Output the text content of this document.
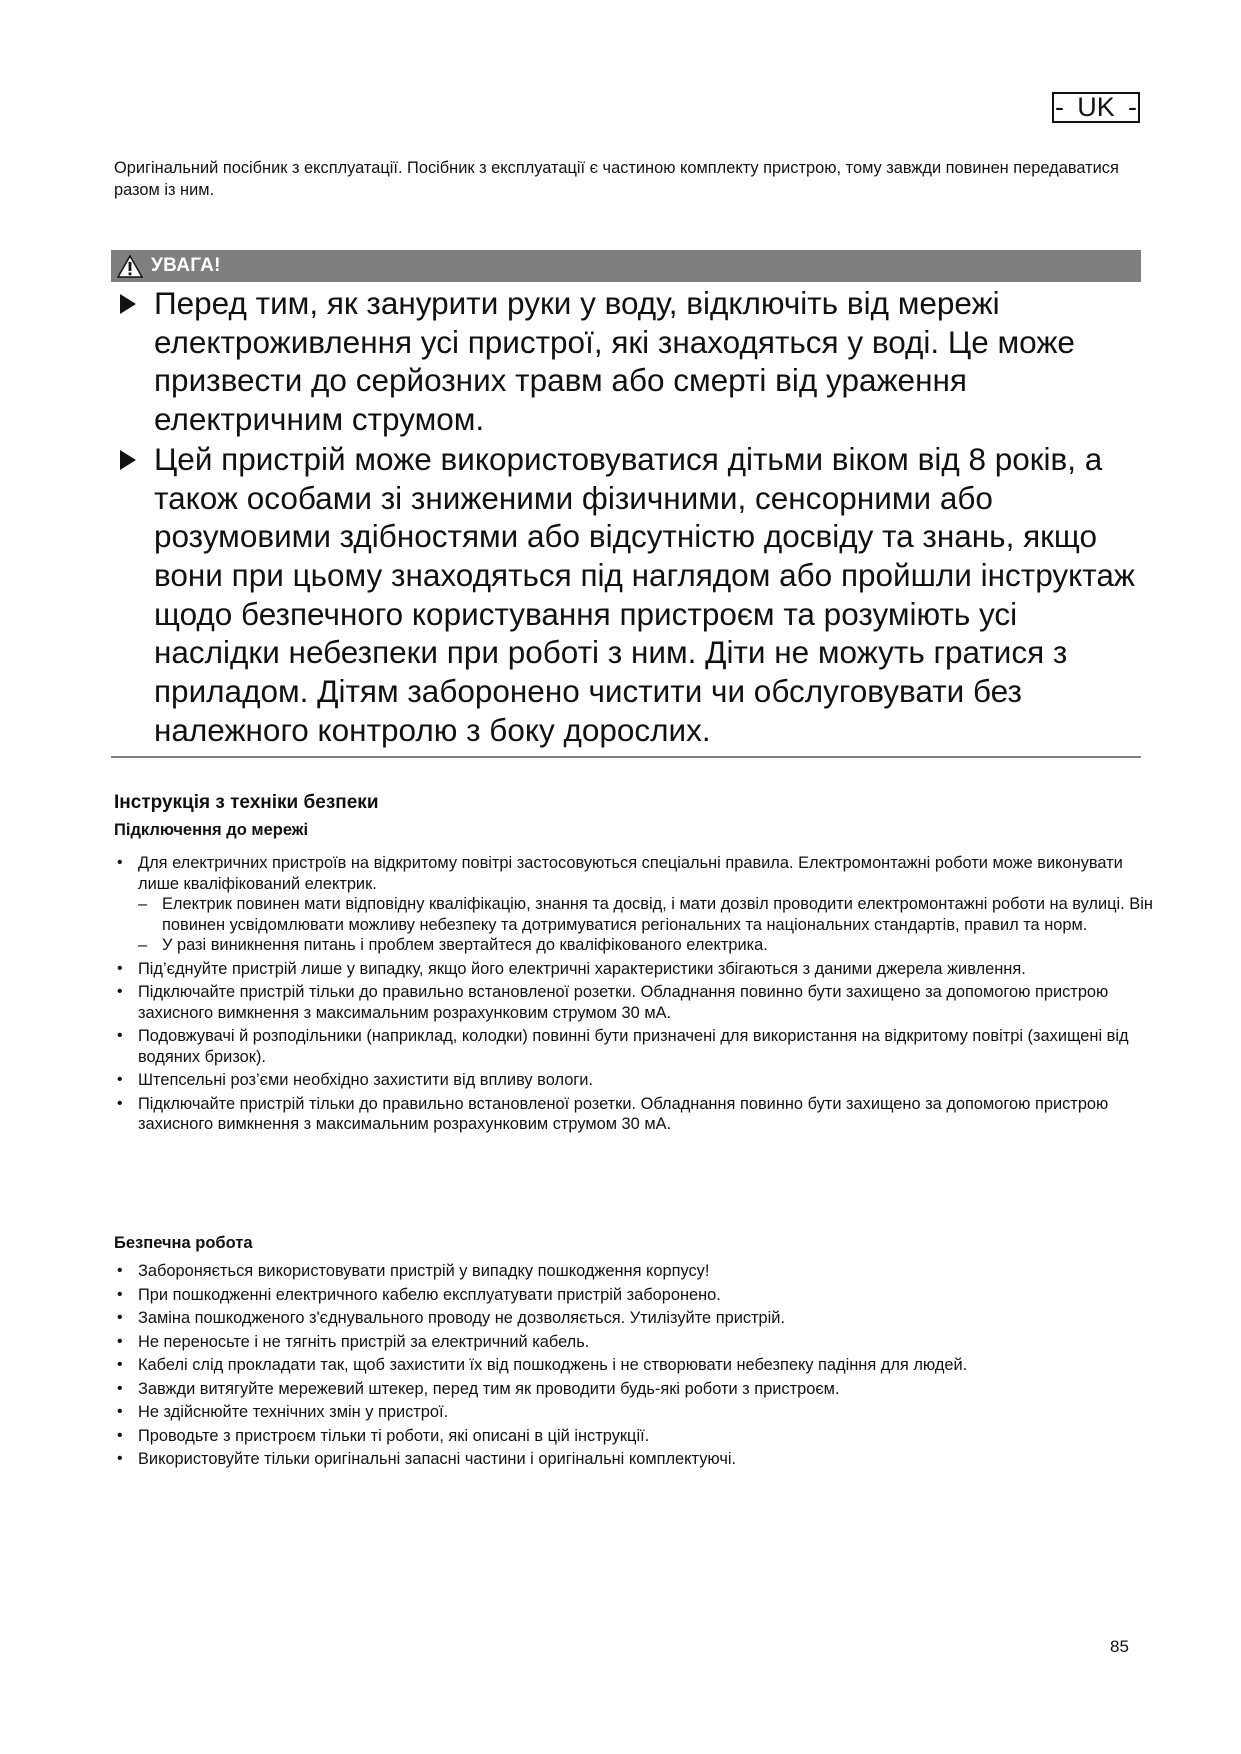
- UK -
Оригінальний посібник з експлуатації. Посібник з експлуатації є частиною комплекту пристрою, тому завжди повинен передаватися разом із ним.
УВАГА!
Перед тим, як занурити руки у воду, відключіть від мережі електроживлення усі пристрої, які знаходяться у воді. Це може призвести до серйозних травм або смерті від ураження електричним струмом.
Цей пристрій може використовуватися дітьми віком від 8 років, а також особами зі зниженими фізичними, сенсорними або розумовими здібностями або відсутністю досвіду та знань, якщо вони при цьому знаходяться під наглядом або пройшли інструктаж щодо безпечного користування пристроєм та розуміють усі наслідки небезпеки при роботі з ним. Діти не можуть гратися з приладом. Дітям заборонено чистити чи обслуговувати без належного контролю з боку дорослих.
Інструкція з техніки безпеки
Підключення до мережі
• Для електричних пристроїв на відкритому повітрі застосовуються спеціальні правила. Електромонтажні роботи може виконувати лише кваліфікований електрик.
– Електрик повинен мати відповідну кваліфікацію, знання та досвід, і мати дозвіл проводити електромонтажні роботи на вулиці. Він повинен усвідомлювати можливу небезпеку та дотримуватися регіональних та національних стандартів, правил та норм.
– У разі виникнення питань і проблем звертайтеся до кваліфікованого електрика.
• Під’єднуйте пристрій лише у випадку, якщо його електричні характеристики збігаються з даними джерела живлення.
• Підключайте пристрій тільки до правильно встановленої розетки. Обладнання повинно бути захищено за допомогою пристрою захисного вимкнення з максимальним розрахунковим струмом 30 мА.
• Подовжувачі й розподільники (наприклад, колодки) повинні бути призначені для використання на відкритому повітрі (захищені від водяних бризок).
• Штепсельні роз’єми необхідно захистити від впливу вологи.
• Підключайте пристрій тільки до правильно встановленої розетки. Обладнання повинно бути захищено за допомогою пристрою захисного вимкнення з максимальним розрахунковим струмом 30 мА.
Безпечна робота
• Забороняється використовувати пристрій у випадку пошкодження корпусу!
• При пошкодженні електричного кабелю експлуатувати пристрій заборонено.
• Заміна пошкодженого з'єднувального проводу не дозволяється. Утилізуйте пристрій.
• Не переносьте і не тягніть пристрій за електричний кабель.
• Кабелі слід прокладати так, щоб захистити їх від пошкоджень і не створювати небезпеку падіння для людей.
• Завжди витягуйте мережевий штекер, перед тим як проводити будь-які роботи з пристроєм.
• Не здійснюйте технічних змін у пристрої.
• Проводьте з пристроєм тільки ті роботи, які описані в цій інструкції.
• Використовуйте тільки оригінальні запасні частини і оригінальні комплектуючі.
85
